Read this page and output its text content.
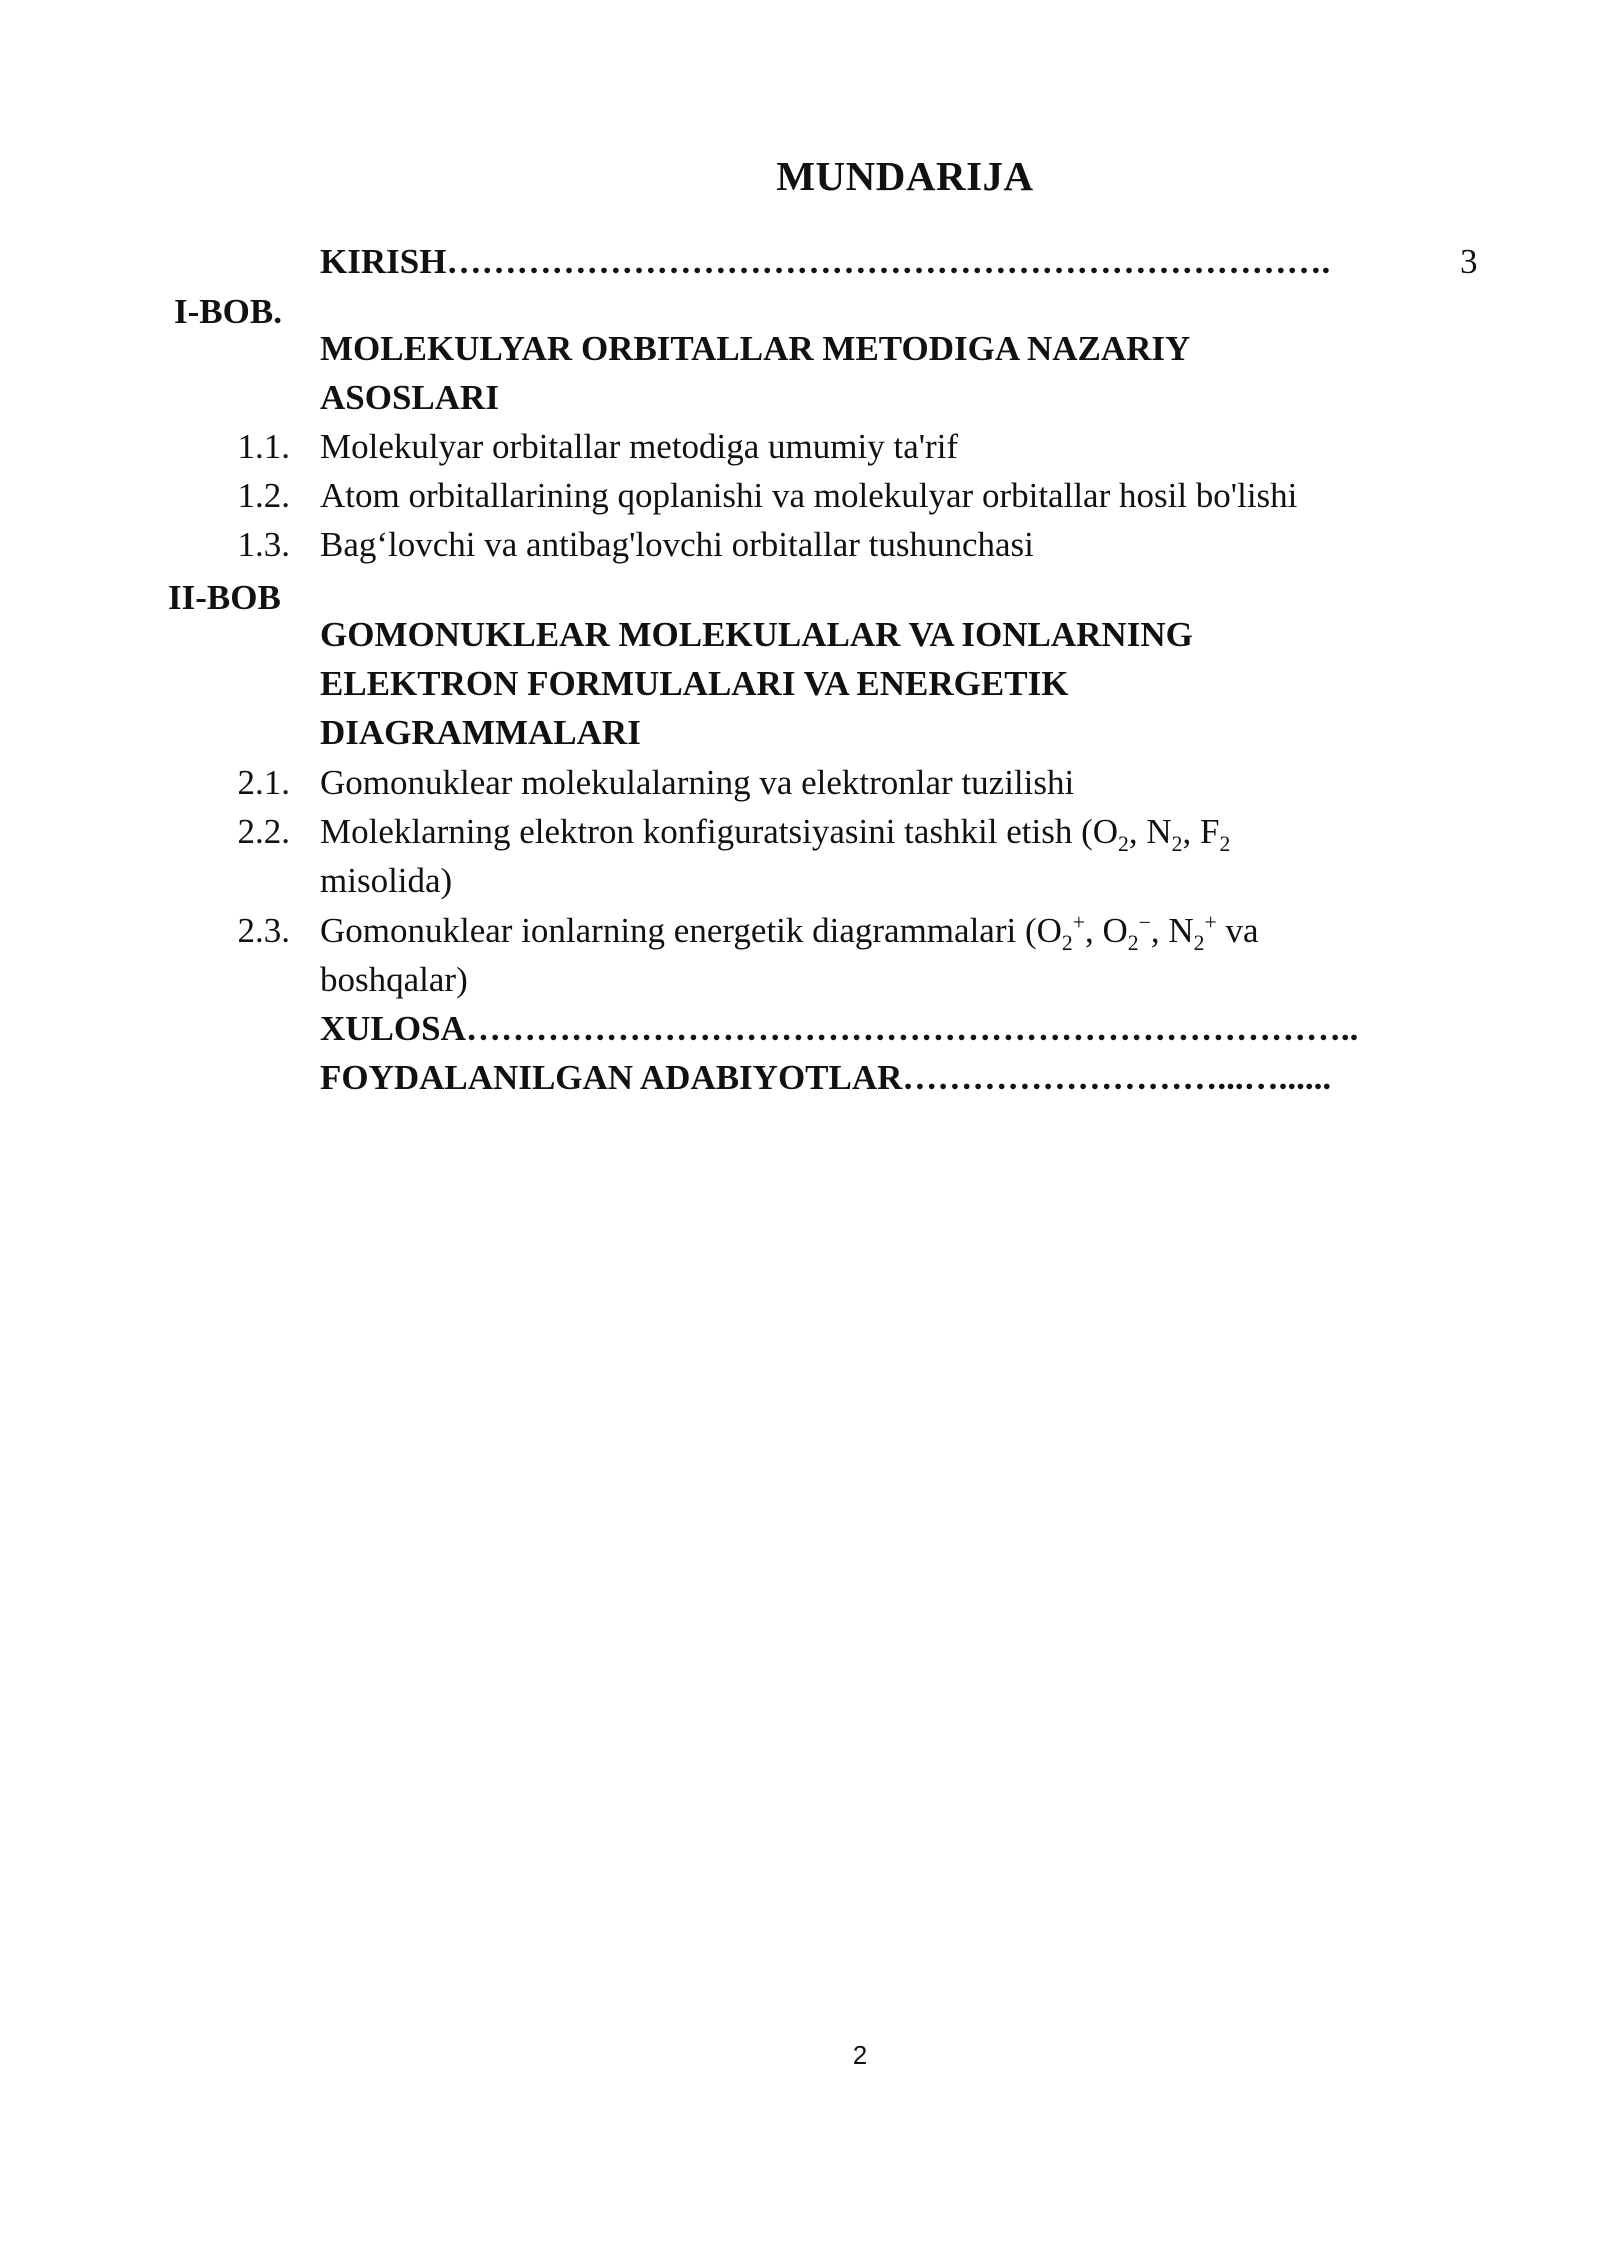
MUNDARIJA
KIRISH………………………………………………………………….	3
I-BOB.
MOLEKULYAR ORBITALLAR METODIGA NAZARIY
ASOSLARI
1.1. Molekulyar orbitallar metodiga umumiy ta'rif
1.2. Atom orbitallarining qoplanishi va molekulyar orbitallar hosil bo'lishi
1.3. Bag‘lovchi va antibag'lovchi orbitallar tushunchasi
II-BOB
GOMONUKLEAR MOLEKULALAR VA IONLARNING
ELEKTRON FORMULALARI VA ENERGETIK
DIAGRAMMALARI
2.1. Gomonuklear molekulalarning va elektronlar tuzilishi
2.2. Moleklarning elektron konfiguratsiyasini tashkil etish ($O_2$, $N_2$, $F_2$
misolida)
2.3. Gomonuklear ionlarning energetik diagrammalari ($O_2^+$, $O_2^-$, $N_2^+$ va
boshqalar)
XULOSA…………………………………………………………………..
FOYDALANILGAN ADABIYOTLAR………………………...…......
2
